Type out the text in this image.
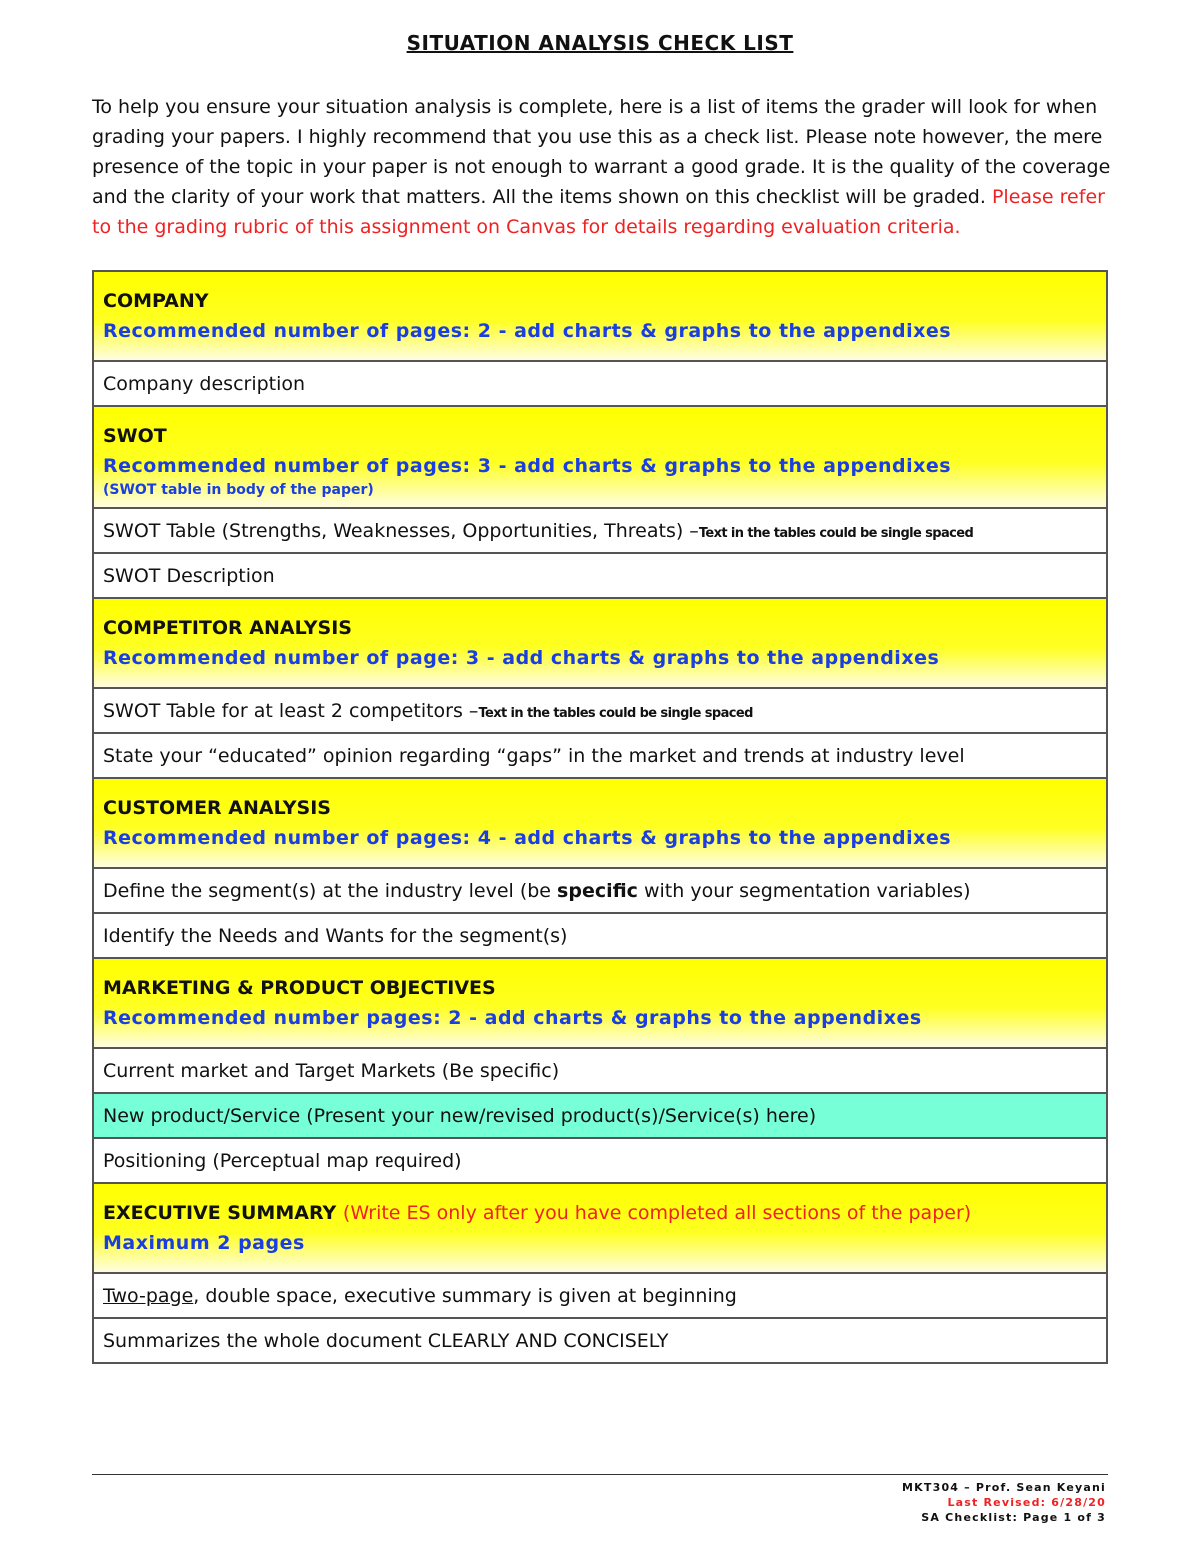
SITUATION ANALYSIS CHECK LIST
To help you ensure your situation analysis is complete, here is a list of items the grader will look for when grading your papers. I highly recommend that you use this as a check list. Please note however, the mere presence of the topic in your paper is not enough to warrant a good grade. It is the quality of the coverage and the clarity of your work that matters. All the items shown on this checklist will be graded. Please refer to the grading rubric of this assignment on Canvas for details regarding evaluation criteria.
COMPANY
Recommended number of pages: 2 - add charts & graphs to the appendixes

Company description

SWOT
Recommended number of pages: 3 - add charts & graphs to the appendixes
(SWOT table in body of the paper)

SWOT Table (Strengths, Weaknesses, Opportunities, Threats) –Text in the tables could be single spaced
SWOT Description

COMPETITOR ANALYSIS
Recommended number of page: 3 - add charts & graphs to the appendixes

SWOT Table for at least 2 competitors –Text in the tables could be single spaced
State your “educated” opinion regarding “gaps” in the market and trends at industry level

CUSTOMER ANALYSIS
Recommended number of pages: 4 - add charts & graphs to the appendixes

Define the segment(s) at the industry level (be specific with your segmentation variables)
Identify the Needs and Wants for the segment(s)

MARKETING & PRODUCT OBJECTIVES
Recommended number pages: 2 - add charts & graphs to the appendixes

Current market and Target Markets (Be specific)
New product/Service (Present your new/revised product(s)/Service(s) here)
Positioning (Perceptual map required)

EXECUTIVE SUMMARY (Write ES only after you have completed all sections of the paper)
Maximum 2 pages

Two-page, double space, executive summary is given at beginning
Summarizes the whole document CLEARLY AND CONCISELY
MKT304 – Prof. Sean Keyani
Last Revised: 6/28/20
SA Checklist: Page 1 of 3
